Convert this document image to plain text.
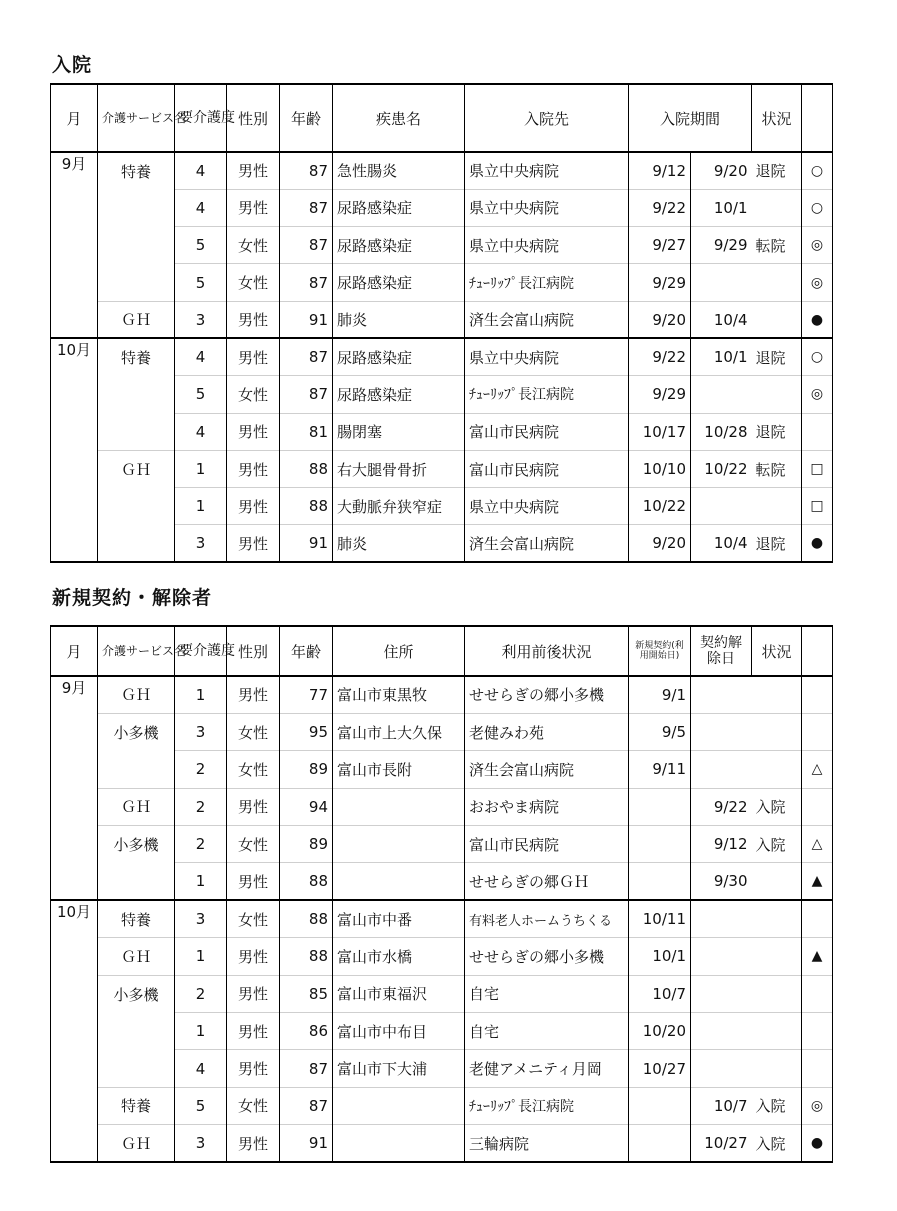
入院
月	介護サービス名	要介護度	性別	年齢	疾患名	入院先	入院期間		状況	
9月	特養	4	男性	87	急性腸炎	県立中央病院	9/12	9/20	退院	○
		4	男性	87	尿路感染症	県立中央病院	9/22	10/1		○
		5	女性	87	尿路感染症	県立中央病院	9/27	9/29	転院	◎
		5	女性	87	尿路感染症	ﾁｭｰﾘｯﾌﾟ長江病院	9/29			◎
	ＧＨ	3	男性	91	肺炎	済生会富山病院	9/20	10/4		●
10月	特養	4	男性	87	尿路感染症	県立中央病院	9/22	10/1	退院	○
		5	女性	87	尿路感染症	ﾁｭｰﾘｯﾌﾟ長江病院	9/29			◎
		4	男性	81	腸閉塞	富山市民病院	10/17	10/28	退院	
	ＧＨ	1	男性	88	右大腿骨骨折	富山市民病院	10/10	10/22	転院	□
		1	男性	88	大動脈弁狭窄症	県立中央病院	10/22			□
		3	男性	91	肺炎	済生会富山病院	9/20	10/4	退院	●
新規契約・解除者
月	介護サービス名	要介護度	性別	年齢	住所	利用前後状況	新規契約(利用開始日)	契約解除日	状況	
9月	ＧＨ	1	男性	77	富山市東黒牧	せせらぎの郷小多機	9/1			
	小多機	3	女性	95	富山市上大久保	老健みわ苑	9/5			
		2	女性	89	富山市長附	済生会富山病院	9/11			△
	ＧＨ	2	男性	94		おおやま病院		9/22	入院	
	小多機	2	女性	89		富山市民病院		9/12	入院	△
		1	男性	88		せせらぎの郷ＧＨ		9/30		▲
10月	特養	3	女性	88	富山市中番	有料老人ホームうちくる	10/11			
	ＧＨ	1	男性	88	富山市水橋	せせらぎの郷小多機	10/1			▲
	小多機	2	男性	85	富山市東福沢	自宅	10/7			
		1	男性	86	富山市中布目	自宅	10/20			
		4	男性	87	富山市下大浦	老健アメニティ月岡	10/27			
	特養	5	女性	87		ﾁｭｰﾘｯﾌﾟ長江病院		10/7	入院	◎
	ＧＨ	3	男性	91		三輪病院		10/27	入院	●
